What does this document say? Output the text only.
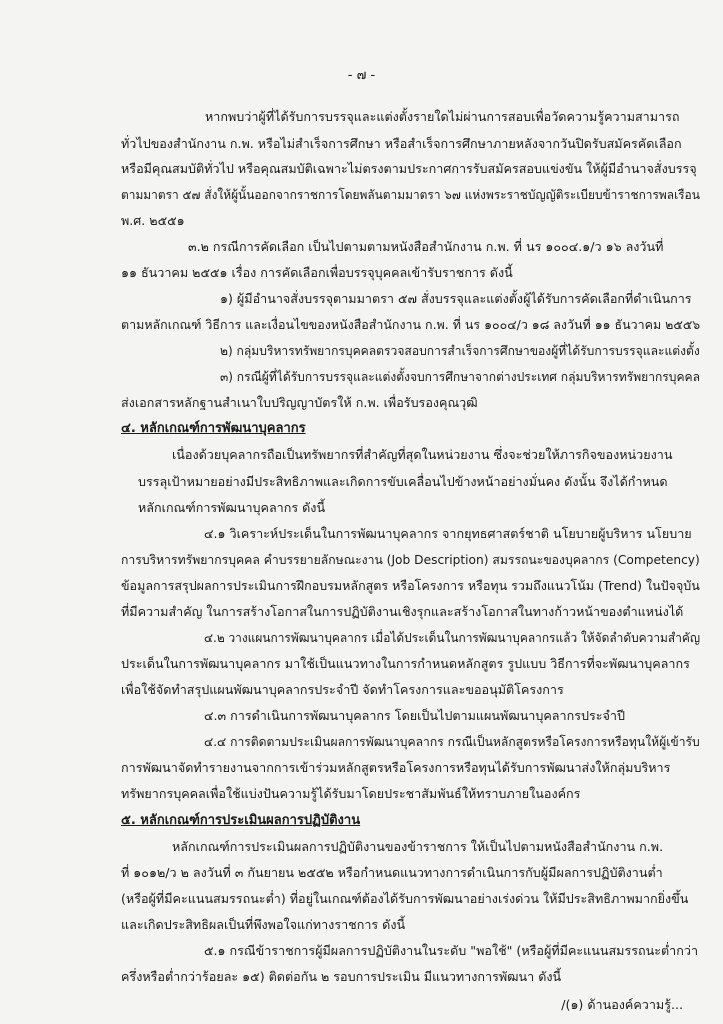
- ๗ -
หากพบว่าผู้ที่ได้รับการบรรจุและแต่งตั้งรายใดไม่ผ่านการสอบเพื่อวัดความรู้ความสามารถ
ทั่วไปของสำนักงาน ก.พ. หรือไม่สำเร็จการศึกษา หรือสำเร็จการศึกษาภายหลังจากวันปิดรับสมัครคัดเลือก
หรือมีคุณสมบัติทั่วไป หรือคุณสมบัติเฉพาะไม่ตรงตามประกาศการรับสมัครสอบแข่งขัน ให้ผู้มีอำนาจสั่งบรรจุ
ตามมาตรา ๕๗ สั่งให้ผู้นั้นออกจากราชการโดยพลันตามมาตรา ๖๗ แห่งพระราชบัญญัติระเบียบข้าราชการพลเรือน
พ.ศ. ๒๕๕๑
๓.๒ กรณีการคัดเลือก เป็นไปตามตามหนังสือสำนักงาน ก.พ. ที่ นร ๑๐๐๔.๑/ว ๑๖ ลงวันที่
๑๑ ธันวาคม ๒๕๕๑ เรื่อง การคัดเลือกเพื่อบรรจุบุคคลเข้ารับราชการ ดังนี้
๑) ผู้มีอำนาจสั่งบรรจุตามมาตรา ๕๗ สั่งบรรจุและแต่งตั้งผู้ได้รับการคัดเลือกที่ดำเนินการ
ตามหลักเกณฑ์ วิธีการ และเงื่อนไขของหนังสือสำนักงาน ก.พ. ที่ นร ๑๐๐๔/ว ๑๘ ลงวันที่ ๑๑ ธันวาคม ๒๕๕๖
๒) กลุ่มบริหารทรัพยากรบุคคลตรวจสอบการสำเร็จการศึกษาของผู้ที่ได้รับการบรรจุและแต่งตั้ง
๓) กรณีผู้ที่ได้รับการบรรจุและแต่งตั้งจบการศึกษาจากต่างประเทศ กลุ่มบริหารทรัพยากรบุคคล
ส่งเอกสารหลักฐานสำเนาใบปริญญาบัตรให้ ก.พ. เพื่อรับรองคุณวุฒิ
๔. หลักเกณฑ์การพัฒนาบุคลากร
เนื่องด้วยบุคลากรถือเป็นทรัพยากรที่สำคัญที่สุดในหน่วยงาน ซึ่งจะช่วยให้ภารกิจของหน่วยงาน
บรรลุเป้าหมายอย่างมีประสิทธิภาพและเกิดการขับเคลื่อนไปข้างหน้าอย่างมั่นคง ดังนั้น จึงได้กำหนด
หลักเกณฑ์การพัฒนาบุคลากร ดังนี้
๔.๑ วิเคราะห์ประเด็นในการพัฒนาบุคลากร จากยุทธศาสตร์ชาติ นโยบายผู้บริหาร นโยบาย
การบริหารทรัพยากรบุคคล คำบรรยายลักษณะงาน (Job Description) สมรรถนะของบุคลากร (Competency)
ข้อมูลการสรุปผลการประเมินการฝึกอบรมหลักสูตร หรือโครงการ หรือทุน รวมถึงแนวโน้ม (Trend) ในปัจจุบัน
ที่มีความสำคัญ ในการสร้างโอกาสในการปฏิบัติงานเชิงรุกและสร้างโอกาสในทางก้าวหน้าของตำแหน่งได้
๔.๒ วางแผนการพัฒนาบุคลากร เมื่อได้ประเด็นในการพัฒนาบุคลากรแล้ว ให้จัดลำดับความสำคัญ
ประเด็นในการพัฒนาบุคลากร มาใช้เป็นแนวทางในการกำหนดหลักสูตร รูปแบบ วิธีการที่จะพัฒนาบุคลากร
เพื่อใช้จัดทำสรุปแผนพัฒนาบุคลากรประจำปี จัดทำโครงการและขออนุมัติโครงการ
๔.๓ การดำเนินการพัฒนาบุคลากร โดยเป็นไปตามแผนพัฒนาบุคลากรประจำปี
๔.๔ การติดตามประเมินผลการพัฒนาบุคลากร กรณีเป็นหลักสูตรหรือโครงการหรือทุนให้ผู้เข้ารับ
การพัฒนาจัดทำรายงานจากการเข้าร่วมหลักสูตรหรือโครงการหรือทุนได้รับการพัฒนาส่งให้กลุ่มบริหาร
ทรัพยากรบุคคลเพื่อใช้แบ่งปันความรู้ได้รับมาโดยประชาสัมพันธ์ให้ทราบภายในองค์กร
๕. หลักเกณฑ์การประเมินผลการปฏิบัติงาน
หลักเกณฑ์การประเมินผลการปฏิบัติงานของข้าราชการ ให้เป็นไปตามหนังสือสำนักงาน ก.พ.
ที่ ๑๐๑๒/ว ๒ ลงวันที่ ๓ กันยายน ๒๕๕๒ หรือกำหนดแนวทางการดำเนินการกับผู้มีผลการปฏิบัติงานต่ำ
(หรือผู้ที่มีคะแนนสมรรถนะต่ำ) ที่อยู่ในเกณฑ์ต้องได้รับการพัฒนาอย่างเร่งด่วน ให้มีประสิทธิภาพมากยิ่งขึ้น
และเกิดประสิทธิผลเป็นที่พึงพอใจแก่ทางราชการ ดังนี้
๕.๑ กรณีข้าราชการผู้มีผลการปฏิบัติงานในระดับ "พอใช้" (หรือผู้ที่มีคะแนนสมรรถนะต่ำกว่า
ครึ่งหรือต่ำกว่าร้อยละ ๑๕) ติดต่อกัน ๒ รอบการประเมิน มีแนวทางการพัฒนา ดังนี้
/(๑) ด้านองค์ความรู้...
